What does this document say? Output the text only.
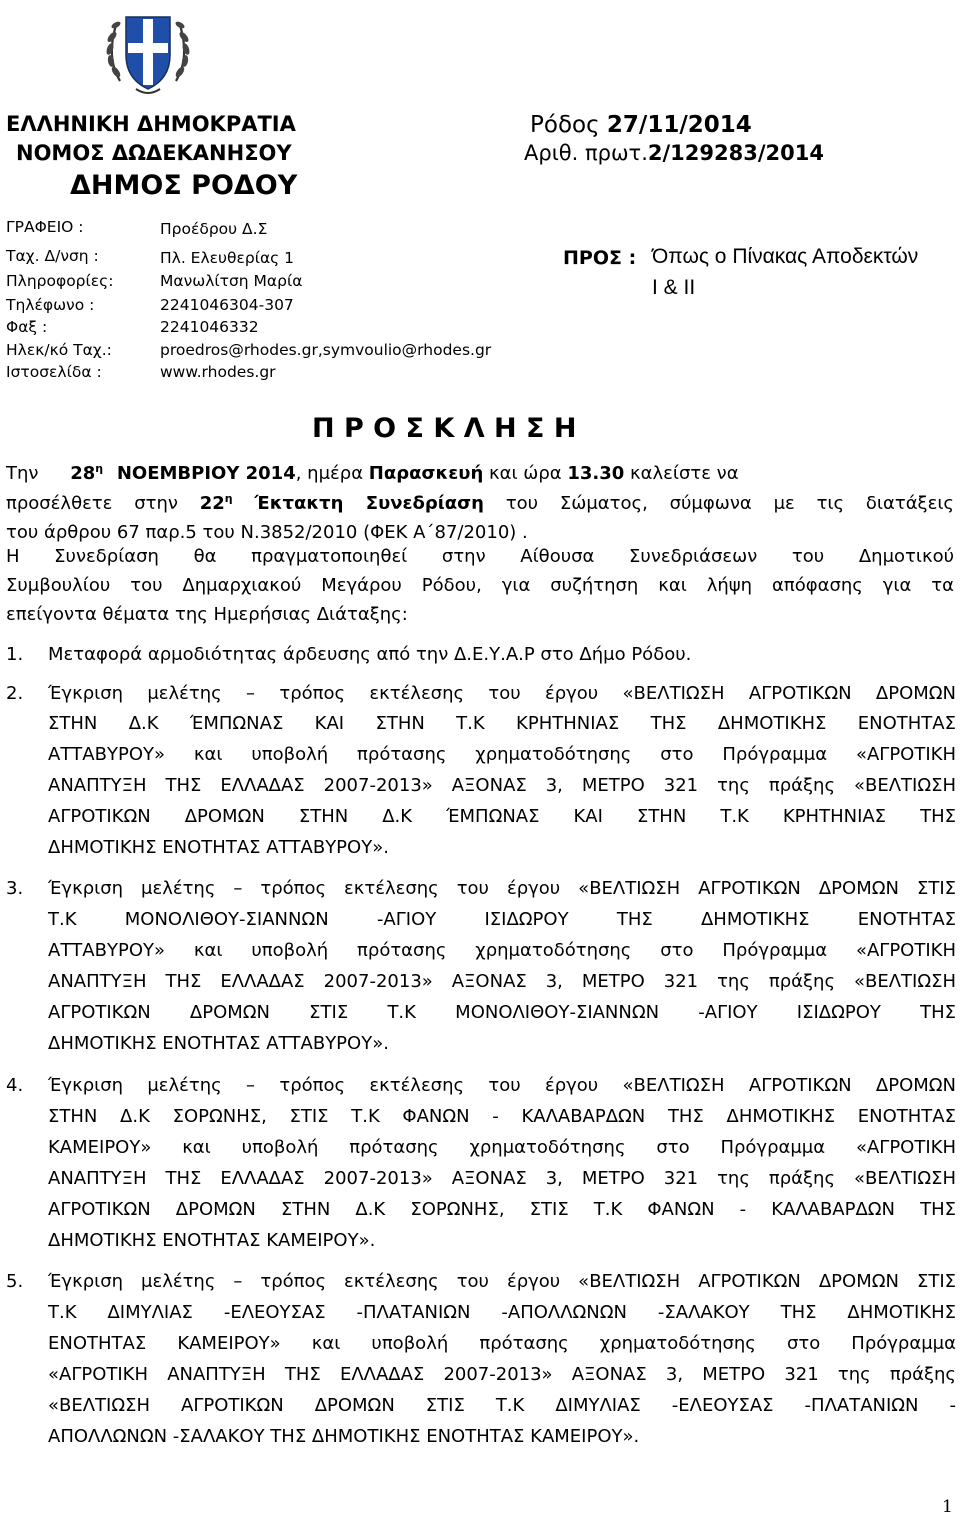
ΕΛΛΗΝΙΚΗ ΔΗΜΟΚΡΑΤΙΑ
ΝΟΜΟΣ ΔΩΔΕΚΑΝΗΣΟΥ
ΔΗΜΟΣ ΡΟΔΟΥ
Ρόδος 27/11/2014
Αριθ. πρωτ.2/129283/2014
ΓΡΑΦΕΙΟ :	Προέδρου Δ.Σ
Ταχ. Δ/νση :	Πλ. Ελευθερίας 1
Πληροφορίες:	Μανωλίτση Μαρία
Τηλέφωνο :	2241046304-307
Φαξ :	2241046332
Ηλεκ/κό Ταχ.:	proedros@rhodes.gr,symvoulio@rhodes.gr
Ιστοσελίδα :	www.rhodes.gr
ΠΡΟΣ : Όπως ο Πίνακας Αποδεκτών
Ι & ΙΙ
Π Ρ Ο Σ Κ Λ Η Σ Η
Την $28^\eta$ ΝΟΕΜΒΡΙΟΥ 2014, ημέρα Παρασκευή και ώρα 13.30 καλείστε να
προσέλθετε στην $22^\eta$ Έκτακτη Συνεδρίαση του Σώματος, σύμφωνα με τις διατάξεις
του άρθρου 67 παρ.5 του Ν.3852/2010 (ΦΕΚ Α΄87/2010) .
Η Συνεδρίαση θα πραγματοποιηθεί στην Αίθουσα Συνεδριάσεων του Δημοτικού
Συμβουλίου του Δημαρχιακού Μεγάρου Ρόδου, για συζήτηση και λήψη απόφασης για τα
επείγοντα θέματα της Ημερήσιας Διάταξης:
1. Μεταφορά αρμοδιότητας άρδευσης από την Δ.Ε.Υ.Α.Ρ στο Δήμο Ρόδου.
2. Έγκριση μελέτης – τρόπος εκτέλεσης του έργου «ΒΕΛΤΙΩΣΗ ΑΓΡΟΤΙΚΩΝ ΔΡΟΜΩΝ
ΣΤΗΝ Δ.Κ ΈΜΠΩΝΑΣ ΚΑΙ ΣΤΗΝ Τ.Κ ΚΡΗΤΗΝΙΑΣ ΤΗΣ ΔΗΜΟΤΙΚΗΣ ΕΝΟΤΗΤΑΣ
ΑΤΤΑΒΥΡΟΥ» και υποβολή πρότασης χρηματοδότησης στο Πρόγραμμα «ΑΓΡΟΤΙΚΗ
ΑΝΑΠΤΥΞΗ ΤΗΣ ΕΛΛΑΔΑΣ 2007-2013» ΑΞΟΝΑΣ 3, ΜΕΤΡΟ 321 της πράξης «ΒΕΛΤΙΩΣΗ
ΑΓΡΟΤΙΚΩΝ ΔΡΟΜΩΝ ΣΤΗΝ Δ.Κ ΈΜΠΩΝΑΣ ΚΑΙ ΣΤΗΝ Τ.Κ ΚΡΗΤΗΝΙΑΣ ΤΗΣ
ΔΗΜΟΤΙΚΗΣ ΕΝΟΤΗΤΑΣ ΑΤΤΑΒΥΡΟΥ».
3. Έγκριση μελέτης – τρόπος εκτέλεσης του έργου «ΒΕΛΤΙΩΣΗ ΑΓΡΟΤΙΚΩΝ ΔΡΟΜΩΝ ΣΤΙΣ
Τ.Κ ΜΟΝΟΛΙΘΟΥ-ΣΙΑΝΝΩΝ -ΑΓΙΟΥ ΙΣΙΔΩΡΟΥ ΤΗΣ ΔΗΜΟΤΙΚΗΣ ΕΝΟΤΗΤΑΣ
ΑΤΤΑΒΥΡΟΥ» και υποβολή πρότασης χρηματοδότησης στο Πρόγραμμα «ΑΓΡΟΤΙΚΗ
ΑΝΑΠΤΥΞΗ ΤΗΣ ΕΛΛΑΔΑΣ 2007-2013» ΑΞΟΝΑΣ 3, ΜΕΤΡΟ 321 της πράξης «ΒΕΛΤΙΩΣΗ
ΑΓΡΟΤΙΚΩΝ ΔΡΟΜΩΝ ΣΤΙΣ Τ.Κ ΜΟΝΟΛΙΘΟΥ-ΣΙΑΝΝΩΝ -ΑΓΙΟΥ ΙΣΙΔΩΡΟΥ ΤΗΣ
ΔΗΜΟΤΙΚΗΣ ΕΝΟΤΗΤΑΣ ΑΤΤΑΒΥΡΟΥ».
4. Έγκριση μελέτης – τρόπος εκτέλεσης του έργου «ΒΕΛΤΙΩΣΗ ΑΓΡΟΤΙΚΩΝ ΔΡΟΜΩΝ
ΣΤΗΝ Δ.Κ ΣΟΡΩΝΗΣ, ΣΤΙΣ Τ.Κ ΦΑΝΩΝ - ΚΑΛΑΒΑΡΔΩΝ ΤΗΣ ΔΗΜΟΤΙΚΗΣ ΕΝΟΤΗΤΑΣ
ΚΑΜΕΙΡΟΥ» και υποβολή πρότασης χρηματοδότησης στο Πρόγραμμα «ΑΓΡΟΤΙΚΗ
ΑΝΑΠΤΥΞΗ ΤΗΣ ΕΛΛΑΔΑΣ 2007-2013» ΑΞΟΝΑΣ 3, ΜΕΤΡΟ 321 της πράξης «ΒΕΛΤΙΩΣΗ
ΑΓΡΟΤΙΚΩΝ ΔΡΟΜΩΝ ΣΤΗΝ Δ.Κ ΣΟΡΩΝΗΣ, ΣΤΙΣ Τ.Κ ΦΑΝΩΝ - ΚΑΛΑΒΑΡΔΩΝ ΤΗΣ
ΔΗΜΟΤΙΚΗΣ ΕΝΟΤΗΤΑΣ ΚΑΜΕΙΡΟΥ».
5. Έγκριση μελέτης – τρόπος εκτέλεσης του έργου «ΒΕΛΤΙΩΣΗ ΑΓΡΟΤΙΚΩΝ ΔΡΟΜΩΝ ΣΤΙΣ
Τ.Κ ΔΙΜΥΛΙΑΣ -ΕΛΕΟΥΣΑΣ -ΠΛΑΤΑΝΙΩΝ -ΑΠΟΛΛΩΝΩΝ -ΣΑΛΑΚΟΥ ΤΗΣ ΔΗΜΟΤΙΚΗΣ
ΕΝΟΤΗΤΑΣ ΚΑΜΕΙΡΟΥ» και υποβολή πρότασης χρηματοδότησης στο Πρόγραμμα
«ΑΓΡΟΤΙΚΗ ΑΝΑΠΤΥΞΗ ΤΗΣ ΕΛΛΑΔΑΣ 2007-2013» ΑΞΟΝΑΣ 3, ΜΕΤΡΟ 321 της πράξης
«ΒΕΛΤΙΩΣΗ ΑΓΡΟΤΙΚΩΝ ΔΡΟΜΩΝ ΣΤΙΣ Τ.Κ ΔΙΜΥΛΙΑΣ -ΕΛΕΟΥΣΑΣ -ΠΛΑΤΑΝΙΩΝ -
ΑΠΟΛΛΩΝΩΝ -ΣΑΛΑΚΟΥ ΤΗΣ ΔΗΜΟΤΙΚΗΣ ΕΝΟΤΗΤΑΣ ΚΑΜΕΙΡΟΥ».
1
